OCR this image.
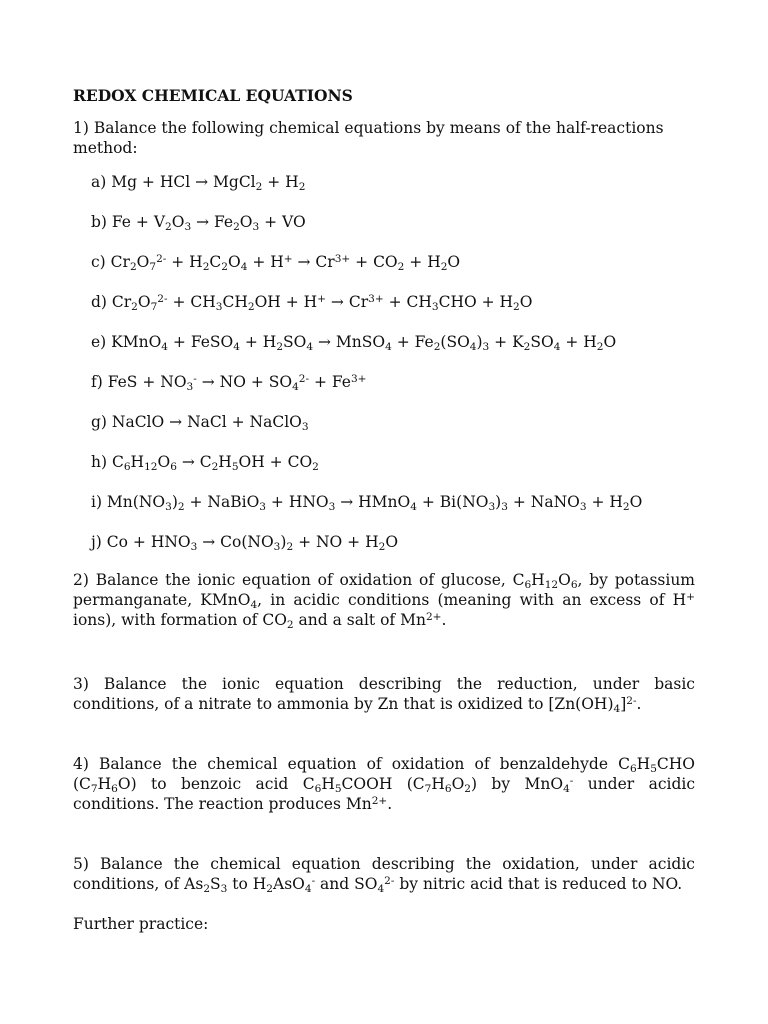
REDOX CHEMICAL EQUATIONS
1) Balance the following chemical equations by means of the half-reactions method:
a) Mg + HCl → MgCl$_2$ + $H_2$
b) $Fe + V_2O_3 \to Fe_2O_3$ + VO
c) $Cr_2O_7^{2-} + H_2C_2O_4 + H^+ \to Cr^{3+} + CO_2 + H_2O$
d) $Cr_2O_7^{2-} + CH_3CH_2OH + H^+ \to Cr^{3+} + CH_3CHO + H_2O$
e) KMnO$_4$ + FeSO$_4$ + $H_2SO_4$ → MnSO$_4$ + $Fe_2(SO_4)_3 + K_2SO_4 + H_2O$
f) FeS + $NO_3^-$ → NO + $SO_4^{2-} + Fe^{3+}$
g) NaClO → NaCl + NaClO$_3$
h) $C_6H_{12}O_6 \to C_2H_5OH + CO_2$
i) $Mn(NO_3)_2$ + NaBiO$_3$ + $HNO_3$ → HMnO$_4$ + $Bi(NO_3)_3$ + NaNO$_3$ + $H_2O$
j) $Co + HNO_3 \to Co(NO_3)_2$ + NO + $H_2O$

2) Balance the ionic equation of oxidation of glucose, $C_6H_{12}O_6$, by potassium permanganate, KMnO$_4$, in acidic conditions (meaning with an excess of H+ ions), with formation of $CO_2$ and a salt of $Mn^{2+}$.

3) Balance the ionic equation describing the reduction, under basic conditions, of a nitrate to ammonia by Zn that is oxidized to $[Zn(OH)_4]^{2-}$.

4) Balance the chemical equation of oxidation of benzaldehyde $C_6H_5CHO$ $(C_7H_6O)$ to benzoic acid $C_6H_5COOH$ $(C_7H_6O_2)$ by MnO$_4$- under acidic conditions. The reaction produces $Mn^{2+}$.

5) Balance the chemical equation describing the oxidation, under acidic conditions, of $As_2S_3$ to $H_2AsO_4^-$ and $SO_4^{2-}$ by nitric acid that is reduced to NO.

Further practice:
